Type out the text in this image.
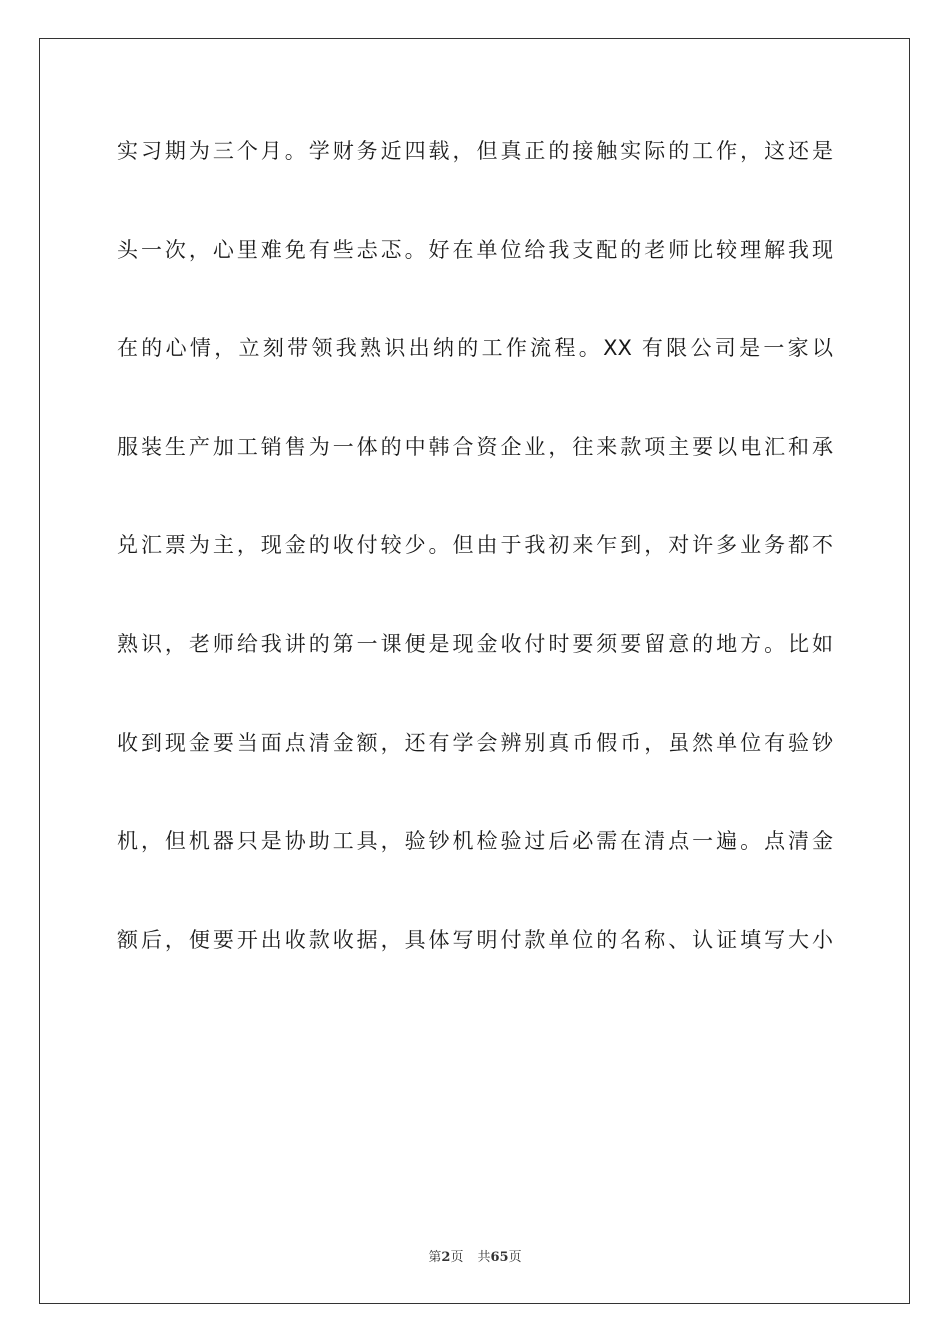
实习期为三个月。学财务近四载，但真正的接触实际的工作，这还是
头一次，心里难免有些忐忑。好在单位给我支配的老师比较理解我现
在的心情，立刻带领我熟识出纳的工作流程。XX 有限公司是一家以
服装生产加工销售为一体的中韩合资企业，往来款项主要以电汇和承
兑汇票为主，现金的收付较少。但由于我初来乍到，对许多业务都不
熟识，老师给我讲的第一课便是现金收付时要须要留意的地方。比如
收到现金要当面点清金额，还有学会辨别真币假币，虽然单位有验钞
机，但机器只是协助工具，验钞机检验过后必需在清点一遍。点清金
额后，便要开出收款收据，具体写明付款单位的名称、认证填写大小
第2页 共65页
